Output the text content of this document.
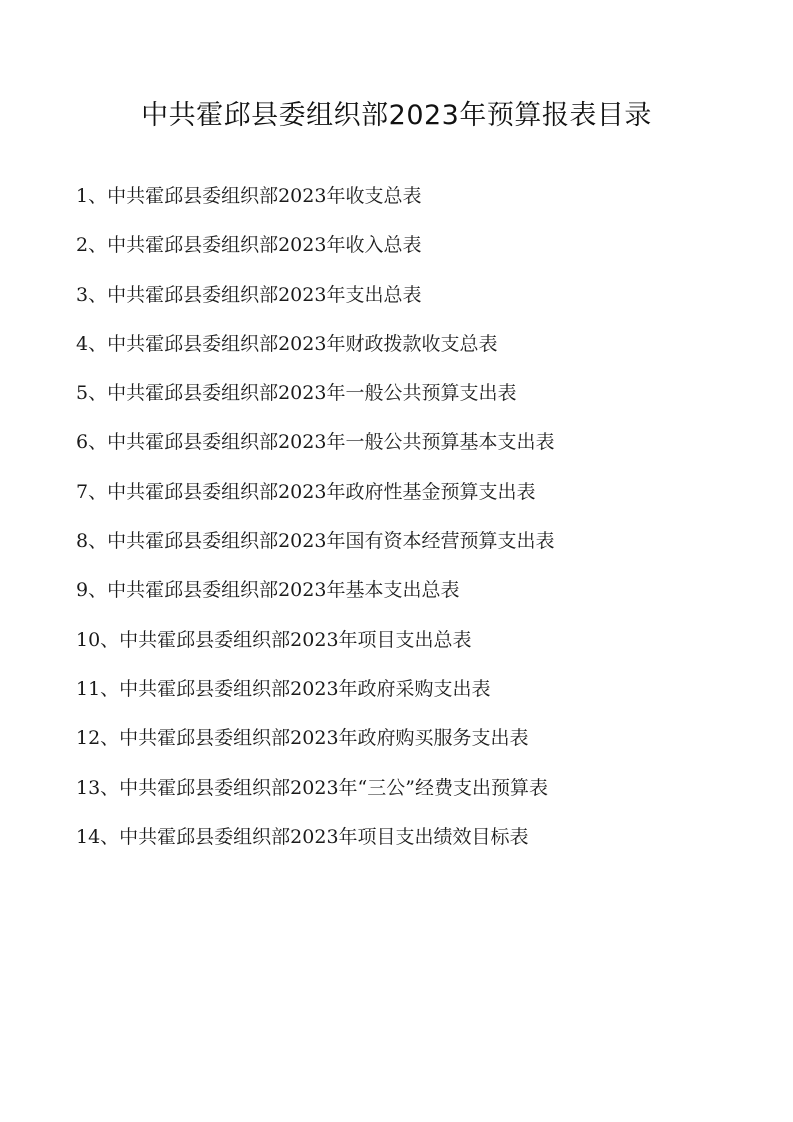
中共霍邱县委组织部2023年预算报表目录
1、中共霍邱县委组织部2023年收支总表
2、中共霍邱县委组织部2023年收入总表
3、中共霍邱县委组织部2023年支出总表
4、中共霍邱县委组织部2023年财政拨款收支总表
5、中共霍邱县委组织部2023年一般公共预算支出表
6、中共霍邱县委组织部2023年一般公共预算基本支出表
7、中共霍邱县委组织部2023年政府性基金预算支出表
8、中共霍邱县委组织部2023年国有资本经营预算支出表
9、中共霍邱县委组织部2023年基本支出总表
10、中共霍邱县委组织部2023年项目支出总表
11、中共霍邱县委组织部2023年政府采购支出表
12、中共霍邱县委组织部2023年政府购买服务支出表
13、中共霍邱县委组织部2023年“三公”经费支出预算表
14、中共霍邱县委组织部2023年项目支出绩效目标表
